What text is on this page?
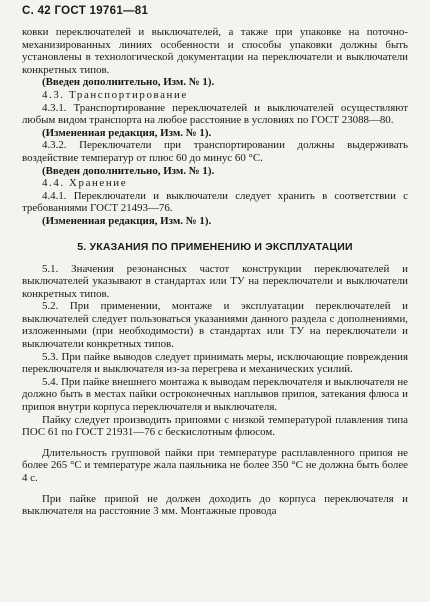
С. 42 ГОСТ 19761—81

ковки переключателей и выключателей, а также при упаковке на поточно-механизированных линиях особенности и способы упаковки должны быть установлены в технологической документации на переключатели и выключатели конкретных типов.

(Введен дополнительно, Изм. № 1).

4.3. Транспортирование

4.3.1. Транспортирование переключателей и выключателей осуществляют любым видом транспорта на любое расстояние в условиях по ГОСТ 23088—80.

(Измененная редакция, Изм. № 1).

4.3.2. Переключатели при транспортировании должны выдерживать воздействие температур от плюс 60 до минус 60 °С.

(Введен дополнительно, Изм. № 1).

4.4. Хранение

4.4.1. Переключатели и выключатели следует хранить в соответствии с требованиями ГОСТ 21493—76.

(Измененная редакция, Изм. № 1).

5. УКАЗАНИЯ ПО ПРИМЕНЕНИЮ И ЭКСПЛУАТАЦИИ

5.1. Значения резонансных частот конструкции переключателей и выключателей указывают в стандартах или ТУ на переключатели и выключатели конкретных типов.

5.2. При применении, монтаже и эксплуатации переключателей и выключателей следует пользоваться указаниями данного раздела с дополнениями, изложенными (при необходимости) в стандартах или ТУ на переключатели и выключатели конкретных типов.

5.3. При пайке выводов следует принимать меры, исключающие повреждения переключателя и выключателя из-за перегрева и механических усилий.

5.4. При пайке внешнего монтажа к выводам переключателя и выключателя не должно быть в местах пайки остроконечных наплывов припоя, затекания флюса и припоя внутри корпуса переключателя и выключателя.

Пайку следует производить припоями с низкой температурой плавления типа ПОС 61 по ГОСТ 21931—76 с бескислотным флюсом.

Длительность групповой пайки при температуре расплавленного припоя не более 265 °С и температуре жала паяльника не более 350 °С не должна быть более 4 с.

При пайке припой не должен доходить до корпуса переключателя и выключателя на расстояние 3 мм. Монтажные провода
